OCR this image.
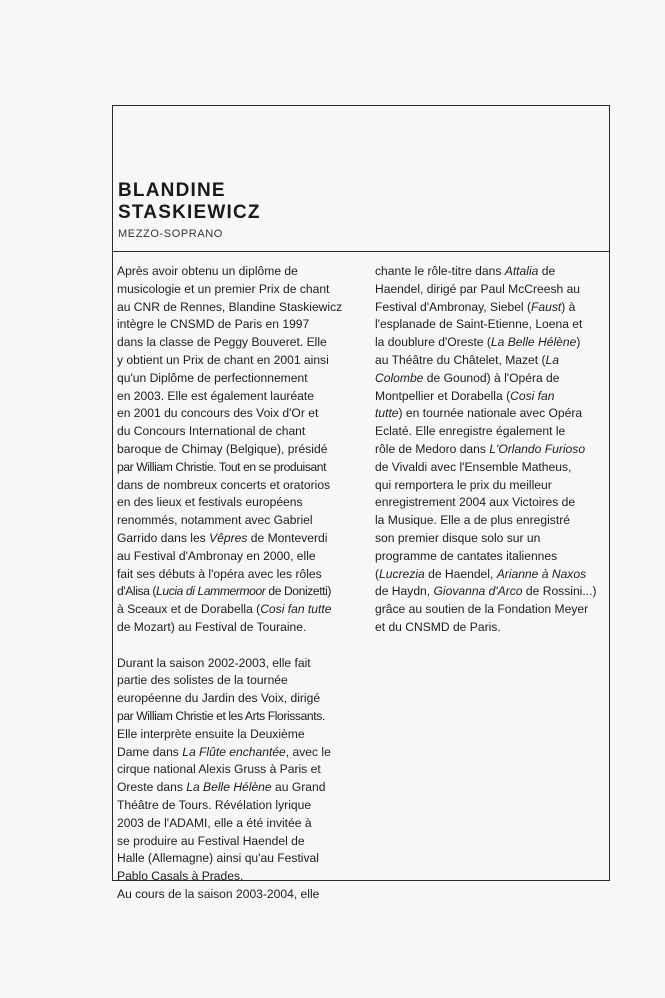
BLANDINE
STASKIEWICZ
MEZZO-SOPRANO
Après avoir obtenu un diplôme de
musicologie et un premier Prix de chant
au CNR de Rennes, Blandine Staskiewicz
intègre le CNSMD de Paris en 1997
dans la classe de Peggy Bouveret. Elle
y obtient un Prix de chant en 2001 ainsi
qu'un Diplôme de perfectionnement
en 2003. Elle est également lauréate
en 2001 du concours des Voix d'Or et
du Concours International de chant
baroque de Chimay (Belgique), présidé
par William Christie. Tout en se produisant
dans de nombreux concerts et oratorios
en des lieux et festivals européens
renommés, notamment avec Gabriel
Garrido dans les Vêpres de Monteverdi
au Festival d'Ambronay en 2000, elle
fait ses débuts à l'opéra avec les rôles
d'Alisa (Lucia di Lammermoor de Donizetti)
à Sceaux et de Dorabella (Cosi fan tutte
de Mozart) au Festival de Touraine.
Durant la saison 2002-2003, elle fait
partie des solistes de la tournée
européenne du Jardin des Voix, dirigé
par William Christie et les Arts Florissants.
Elle interprète ensuite la Deuxième
Dame dans La Flûte enchantée, avec le
cirque national Alexis Gruss à Paris et
Oreste dans La Belle Hélène au Grand
Théâtre de Tours. Révélation lyrique
2003 de l'ADAMI, elle a été invitée à
se produire au Festival Haendel de
Halle (Allemagne) ainsi qu'au Festival
Pablo Casals à Prades.
Au cours de la saison 2003-2004, elle
chante le rôle-titre dans Attalia de
Haendel, dirigé par Paul McCreesh au
Festival d'Ambronay, Siebel (Faust) à
l'esplanade de Saint-Etienne, Loena et
la doublure d'Oreste (La Belle Hélène)
au Théâtre du Châtelet, Mazet (La
Colombe de Gounod) à l'Opéra de
Montpellier et Dorabella (Cosi fan
tutte) en tournée nationale avec Opéra
Eclaté. Elle enregistre également le
rôle de Medoro dans L'Orlando Furioso
de Vivaldi avec l'Ensemble Matheus,
qui remportera le prix du meilleur
enregistrement 2004 aux Victoires de
la Musique. Elle a de plus enregistré
son premier disque solo sur un
programme de cantates italiennes
(Lucrezia de Haendel, Arianne à Naxos
de Haydn, Giovanna d'Arco de Rossini...)
grâce au soutien de la Fondation Meyer
et du CNSMD de Paris.
